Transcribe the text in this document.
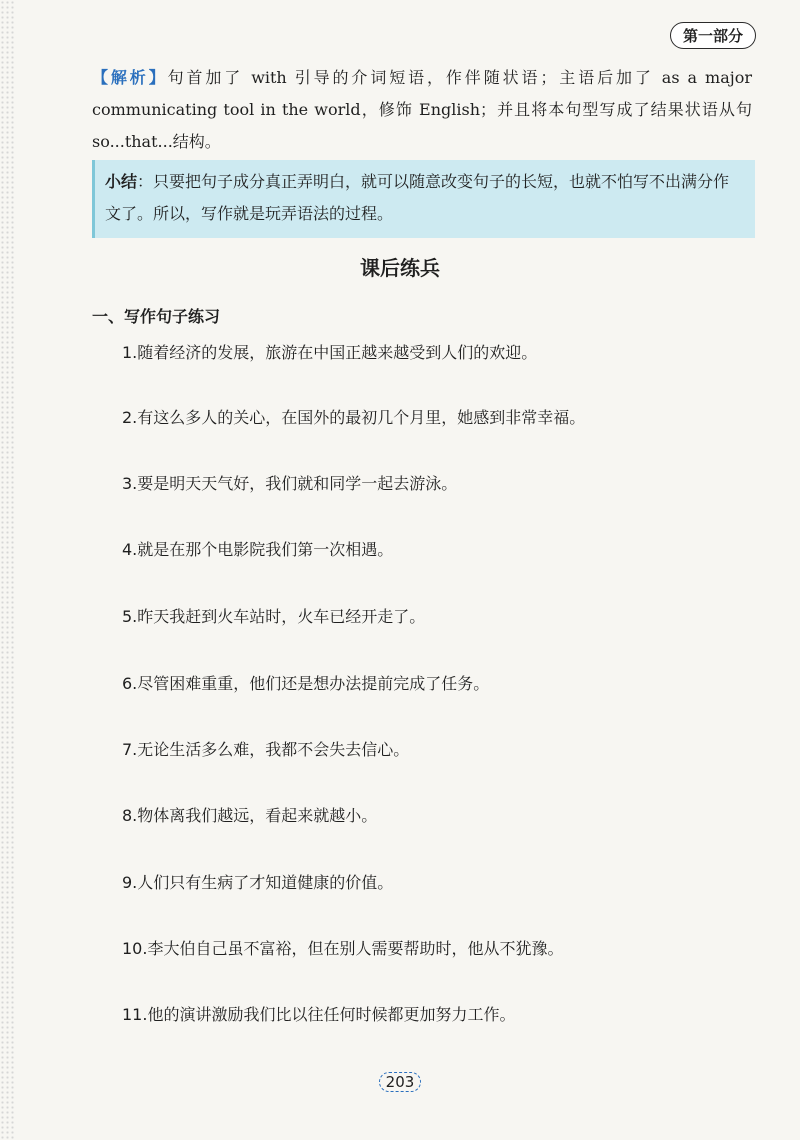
第一部分
【解析】句首加了 with 引导的介词短语，作伴随状语；主语后加了 as a major communicating tool in the world，修饰 English；并且将本句型写成了结果状语从句 so...that...结构。
小结：只要把句子成分真正弄明白，就可以随意改变句子的长短，也就不怕写不出满分作文了。所以，写作就是玩弄语法的过程。
课后练兵
一、写作句子练习
1.随着经济的发展，旅游在中国正越来越受到人们的欢迎。
2.有这么多人的关心，在国外的最初几个月里，她感到非常幸福。
3.要是明天天气好，我们就和同学一起去游泳。
4.就是在那个电影院我们第一次相遇。
5.昨天我赶到火车站时，火车已经开走了。
6.尽管困难重重，他们还是想办法提前完成了任务。
7.无论生活多么难，我都不会失去信心。
8.物体离我们越远，看起来就越小。
9.人们只有生病了才知道健康的价值。
10.李大伯自己虽不富裕，但在别人需要帮助时，他从不犹豫。
11.他的演讲激励我们比以往任何时候都更加努力工作。
203
